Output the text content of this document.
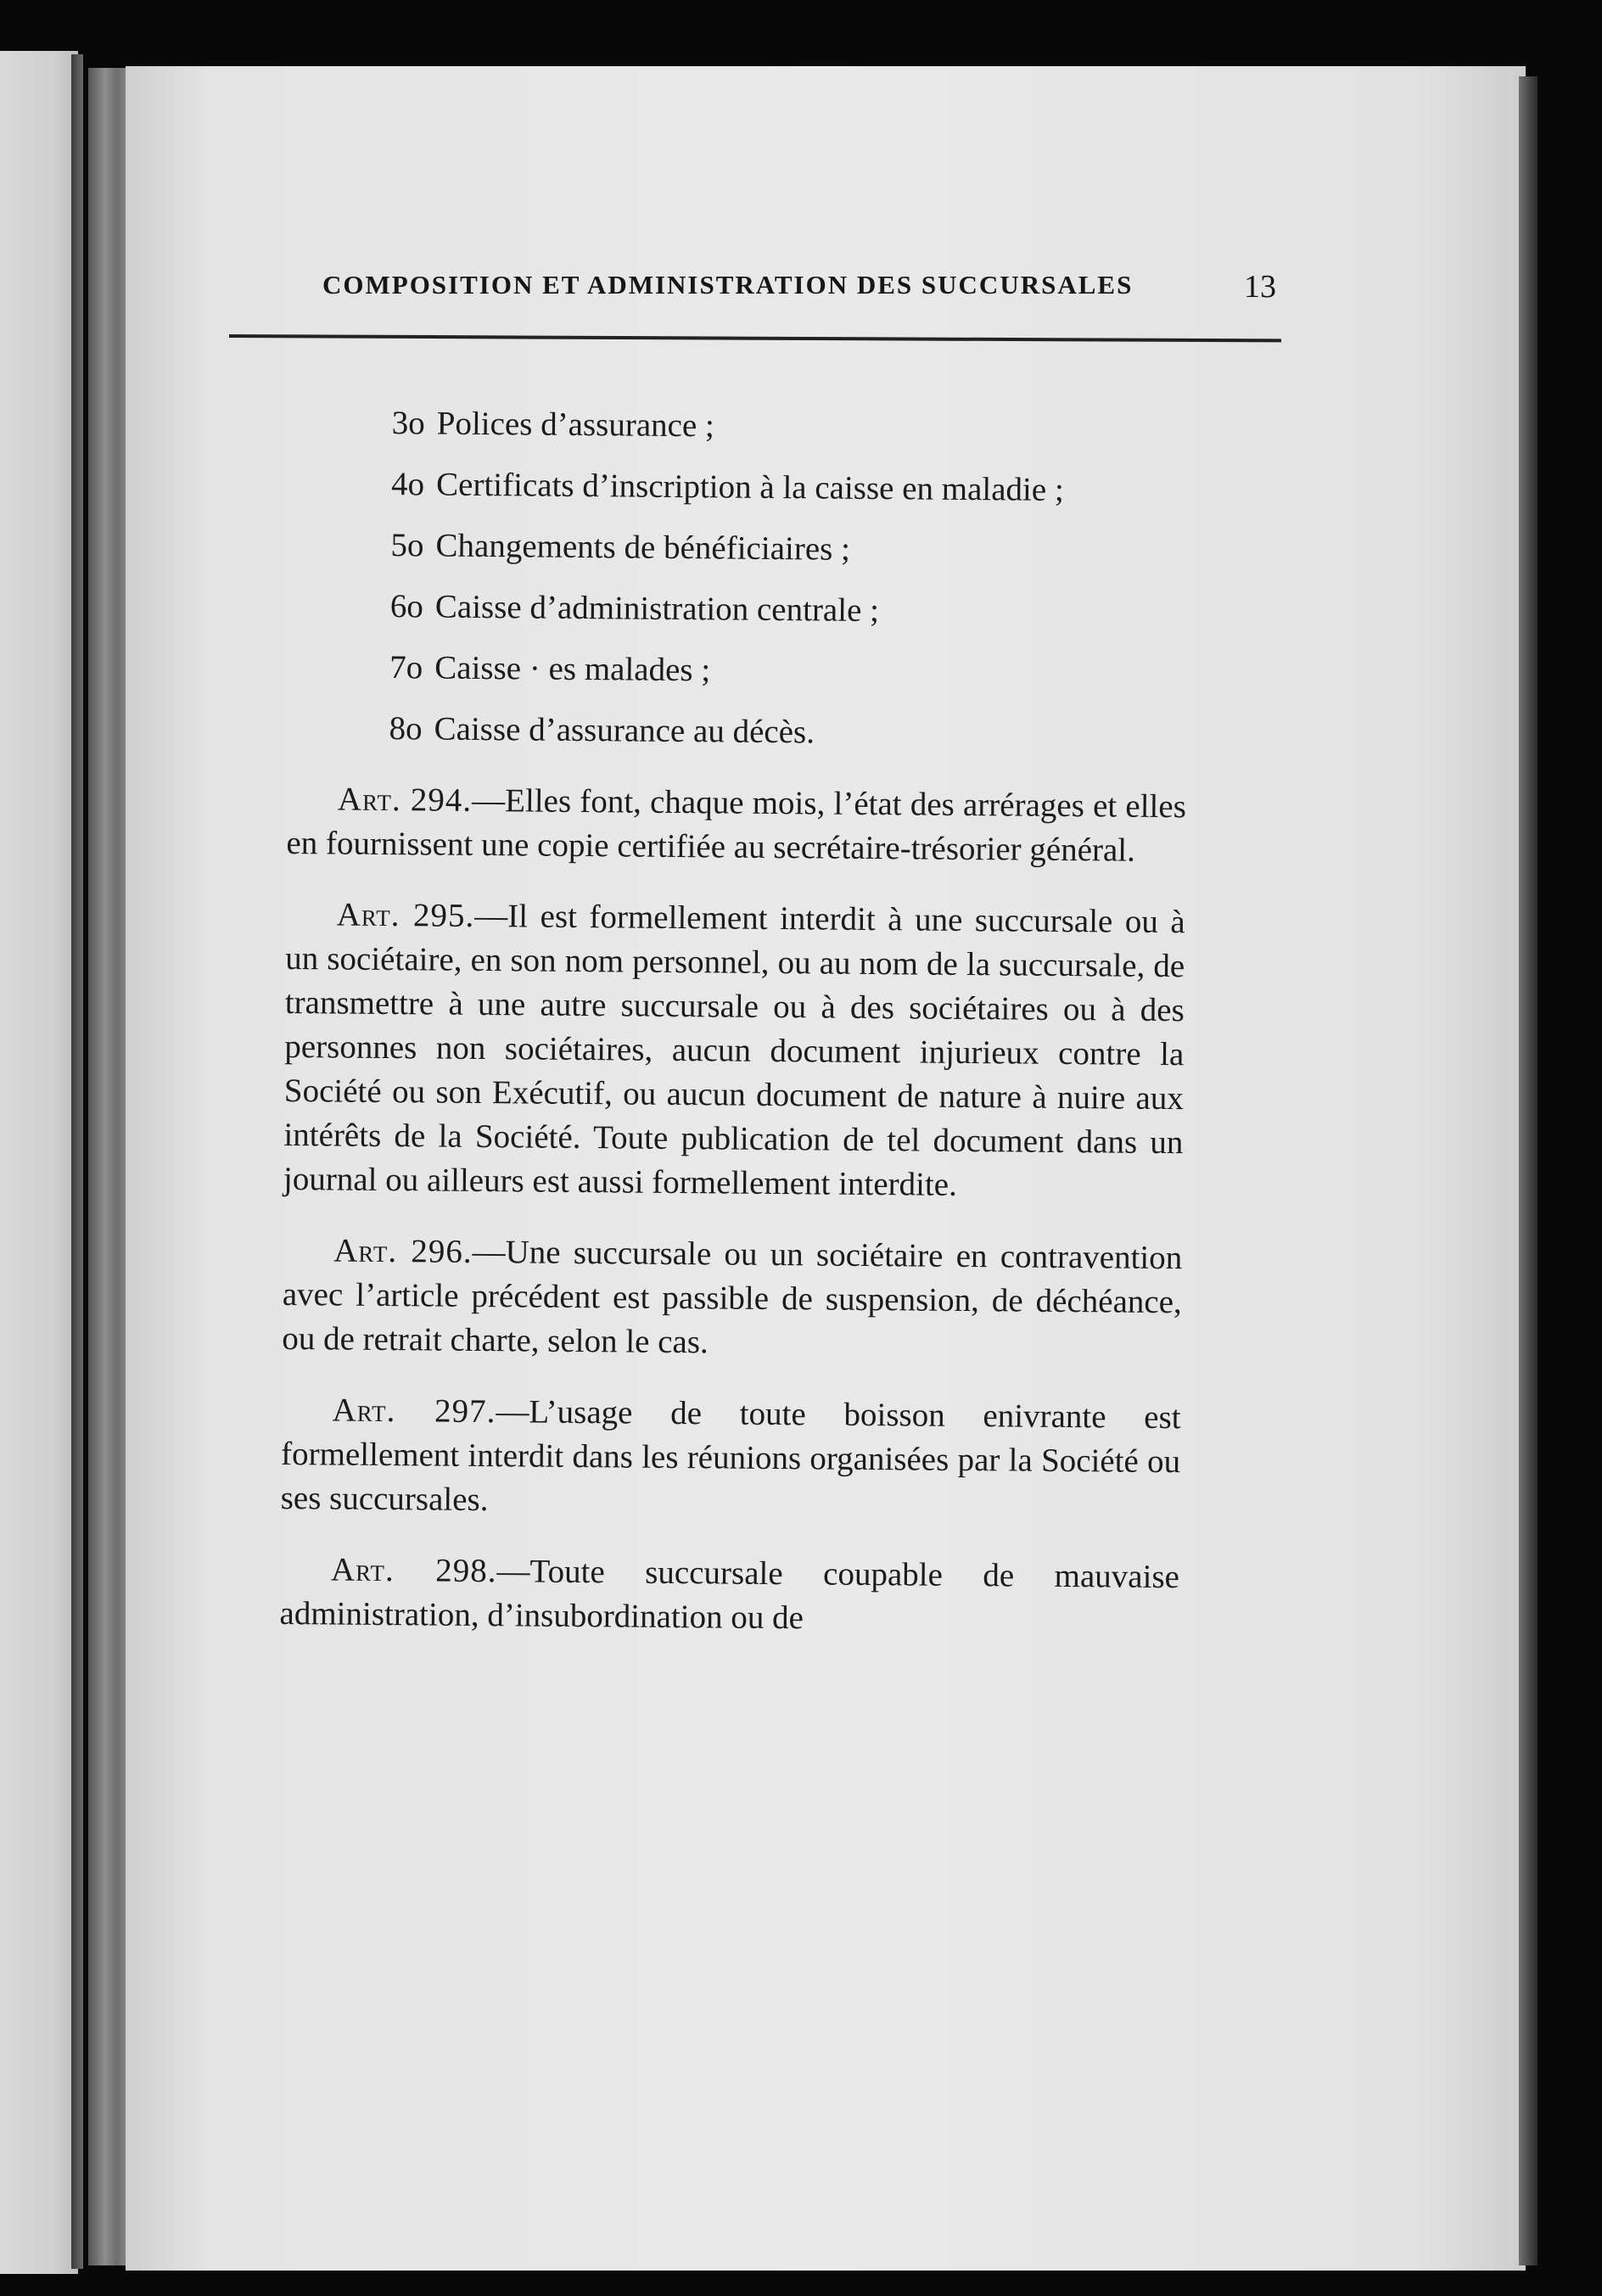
COMPOSITION ET ADMINISTRATION DES SUCCURSALES	13

3o Polices d’assurance ;

4o Certificats d’inscription à la caisse en maladie ;

5o Changements de bénéficiaires ;

6o Caisse d’administration centrale ;

7o Caisse · es malades ;

8o Caisse d’assurance au décès.

Art. 294.—Elles font, chaque mois, l’état des arrérages et elles en fournissent une copie certifiée au secrétaire-trésorier général.

Art. 295.—Il est formellement interdit à une succursale ou à un sociétaire, en son nom personnel, ou au nom de la succursale, de transmettre à une autre succursale ou à des sociétaires ou à des personnes non sociétaires, aucun document injurieux contre la Société ou son Exécutif, ou aucun document de nature à nuire aux intérêts de la Société. Toute publication de tel document dans un journal ou ailleurs est aussi formellement interdite.

Art. 296.—Une succursale ou un sociétaire en contravention avec l’article précédent est passible de suspension, de déchéance, ou de retrait charte, selon le cas.

Art. 297.—L’usage de toute boisson enivrante est formellement interdit dans les réunions organisées par la Société ou ses succursales.

Art. 298.—Toute succursale coupable de mauvaise administration, d’insubordination ou de
